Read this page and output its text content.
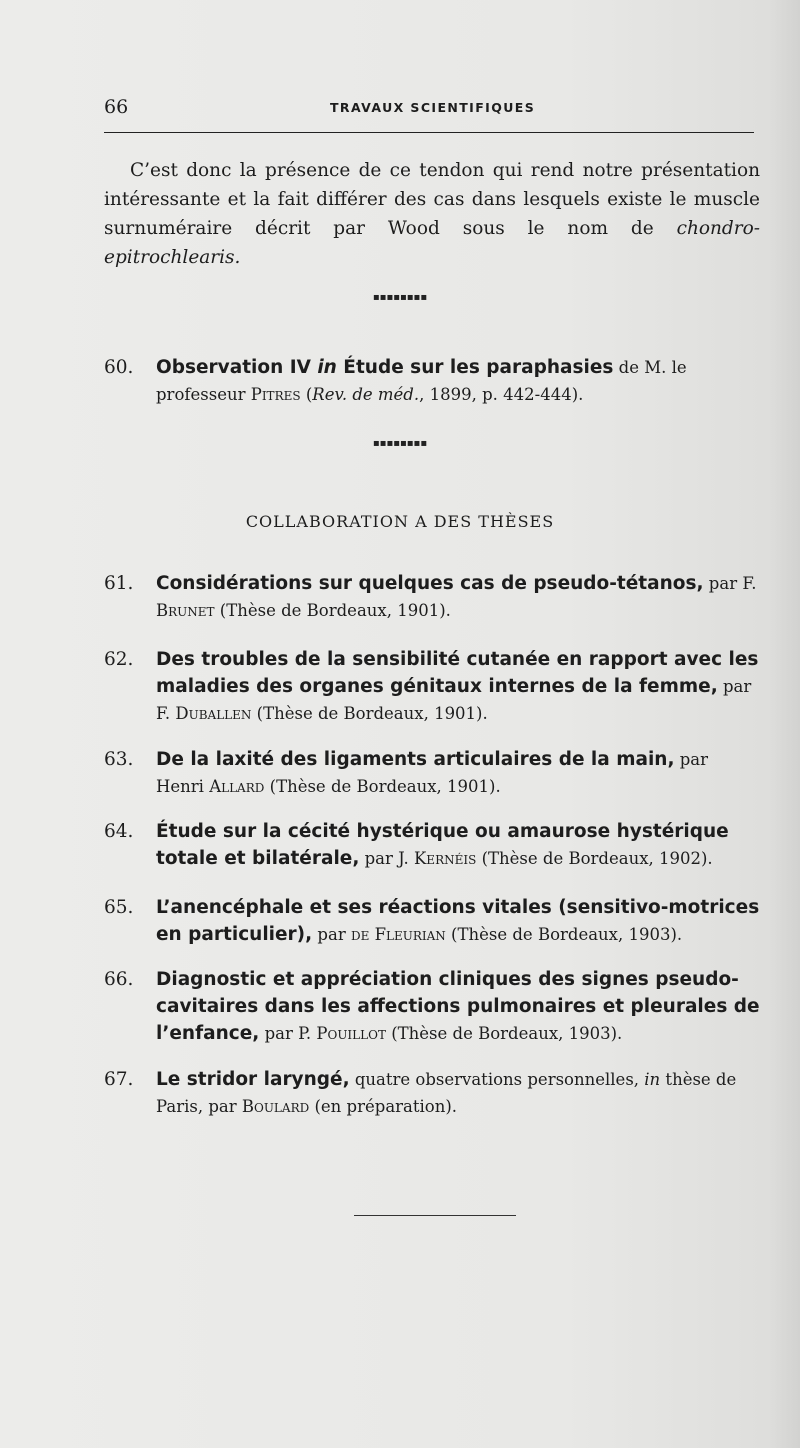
66	TRAVAUX SCIENTIFIQUES
C’est donc la présence de ce tendon qui rend notre présentation intéressante et la fait différer des cas dans lesquels existe le muscle surnuméraire décrit par Wood sous le nom de chondro-epitrochlearis.
▪▪▪▪▪▪▪▪
60. Observation IV in Étude sur les paraphasies de M. le professeur Pitres (Rev. de méd., 1899, p. 442-444).
▪▪▪▪▪▪▪▪
COLLABORATION A DES THÈSES
61. Considérations sur quelques cas de pseudo-tétanos, par F. Brunet (Thèse de Bordeaux, 1901).
62. Des troubles de la sensibilité cutanée en rapport avec les maladies des organes génitaux internes de la femme, par F. Duballen (Thèse de Bordeaux, 1901).
63. De la laxité des ligaments articulaires de la main, par Henri Allard (Thèse de Bordeaux, 1901).
64. Étude sur la cécité hystérique ou amaurose hystérique totale et bilatérale, par J. Kernéis (Thèse de Bordeaux, 1902).
65. L’anencéphale et ses réactions vitales (sensitivo-motrices en particulier), par de Fleurian (Thèse de Bordeaux, 1903).
66. Diagnostic et appréciation cliniques des signes pseudo-cavitaires dans les affections pulmonaires et pleurales de l’enfance, par P. Pouillot (Thèse de Bordeaux, 1903).
67. Le stridor laryngé, quatre observations personnelles, in thèse de Paris, par Boulard (en préparation).
